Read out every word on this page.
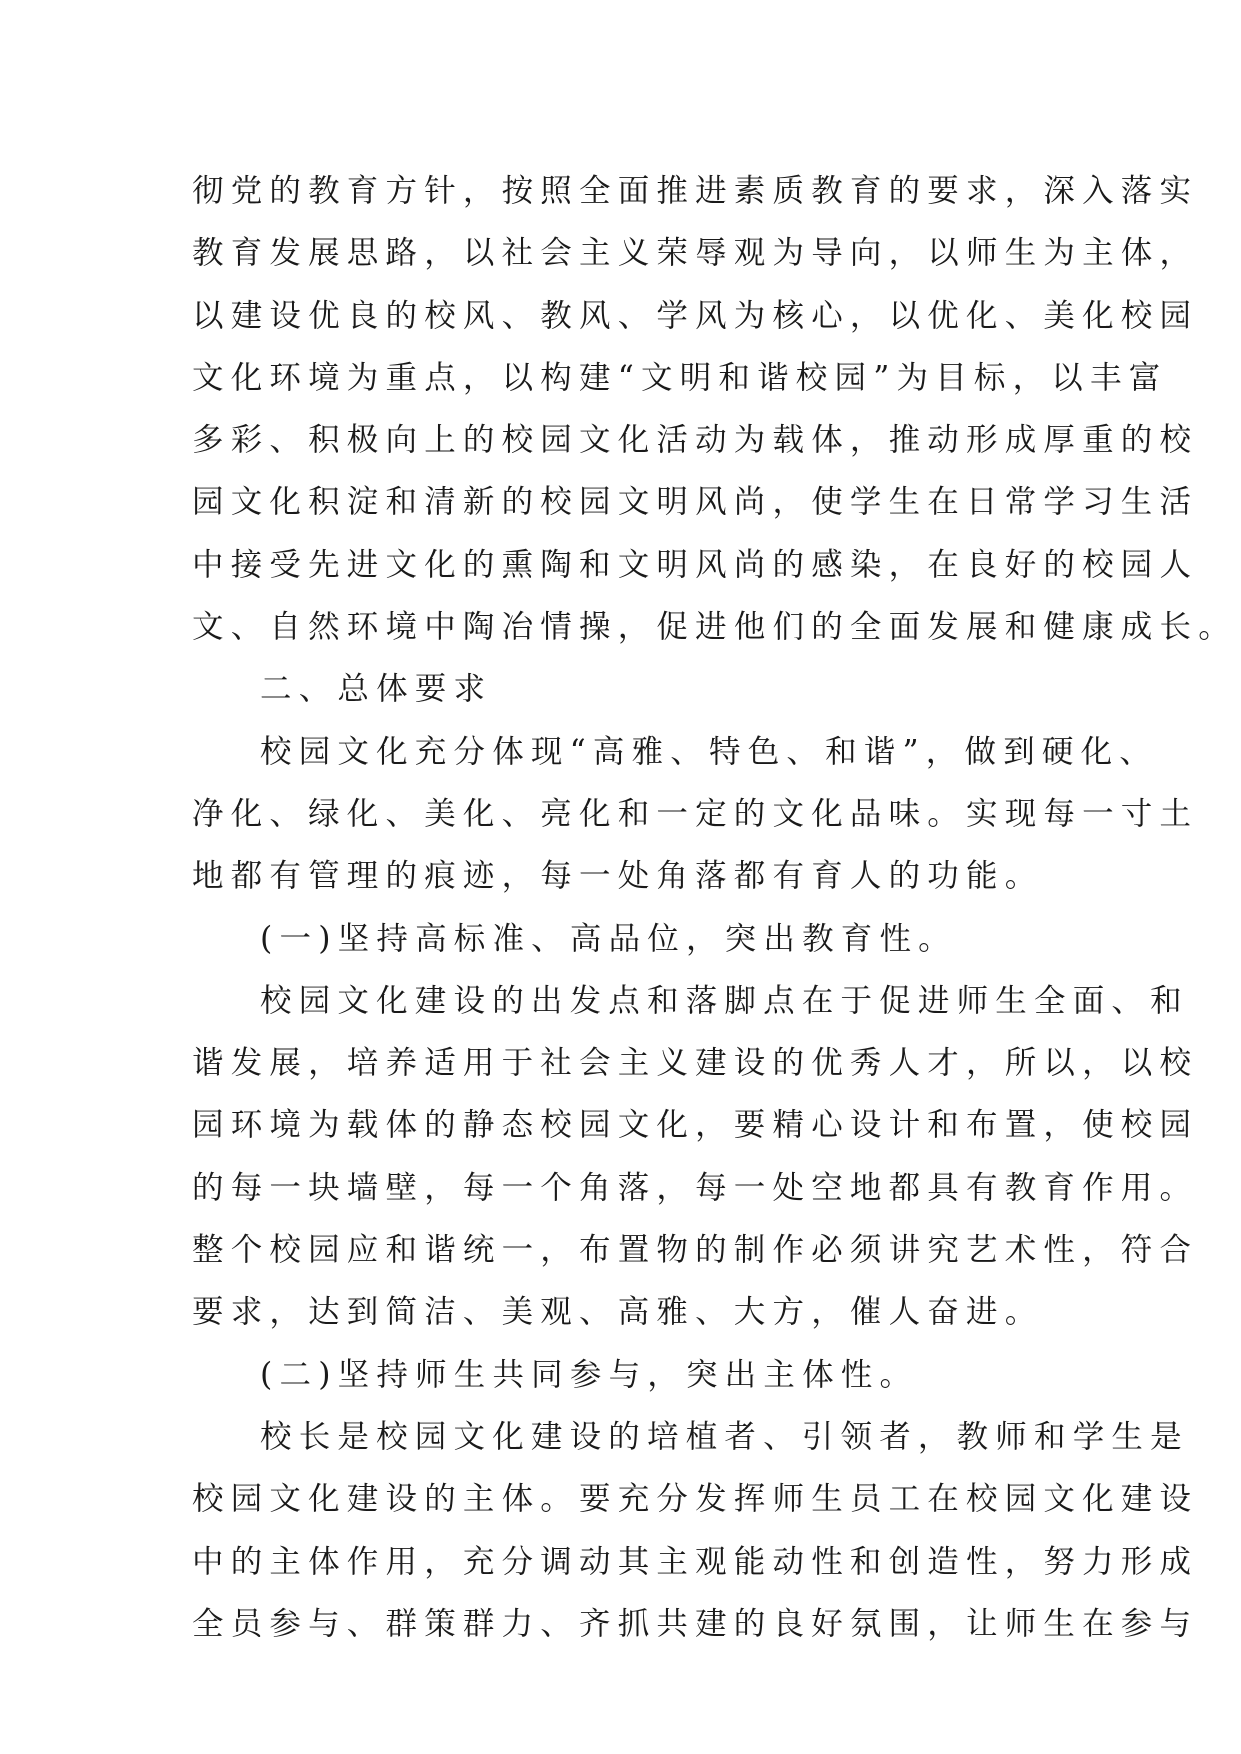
彻党的教育方针，按照全面推进素质教育的要求，深入落实
教育发展思路，以社会主义荣辱观为导向，以师生为主体，
以建设优良的校风、教风、学风为核心，以优化、美化校园
文化环境为重点，以构建“文明和谐校园”为目标，以丰富
多彩、积极向上的校园文化活动为载体，推动形成厚重的校
园文化积淀和清新的校园文明风尚，使学生在日常学习生活
中接受先进文化的熏陶和文明风尚的感染，在良好的校园人
文、自然环境中陶冶情操，促进他们的全面发展和健康成长。
二、总体要求
校园文化充分体现“高雅、特色、和谐”，做到硬化、
净化、绿化、美化、亮化和一定的文化品味。实现每一寸土
地都有管理的痕迹，每一处角落都有育人的功能。
(一)坚持高标准、高品位，突出教育性。
校园文化建设的出发点和落脚点在于促进师生全面、和
谐发展，培养适用于社会主义建设的优秀人才，所以，以校
园环境为载体的静态校园文化，要精心设计和布置，使校园
的每一块墙壁，每一个角落，每一处空地都具有教育作用。
整个校园应和谐统一，布置物的制作必须讲究艺术性，符合
要求，达到简洁、美观、高雅、大方，催人奋进。
(二)坚持师生共同参与，突出主体性。
校长是校园文化建设的培植者、引领者，教师和学生是
校园文化建设的主体。要充分发挥师生员工在校园文化建设
中的主体作用，充分调动其主观能动性和创造性，努力形成
全员参与、群策群力、齐抓共建的良好氛围，让师生在参与
